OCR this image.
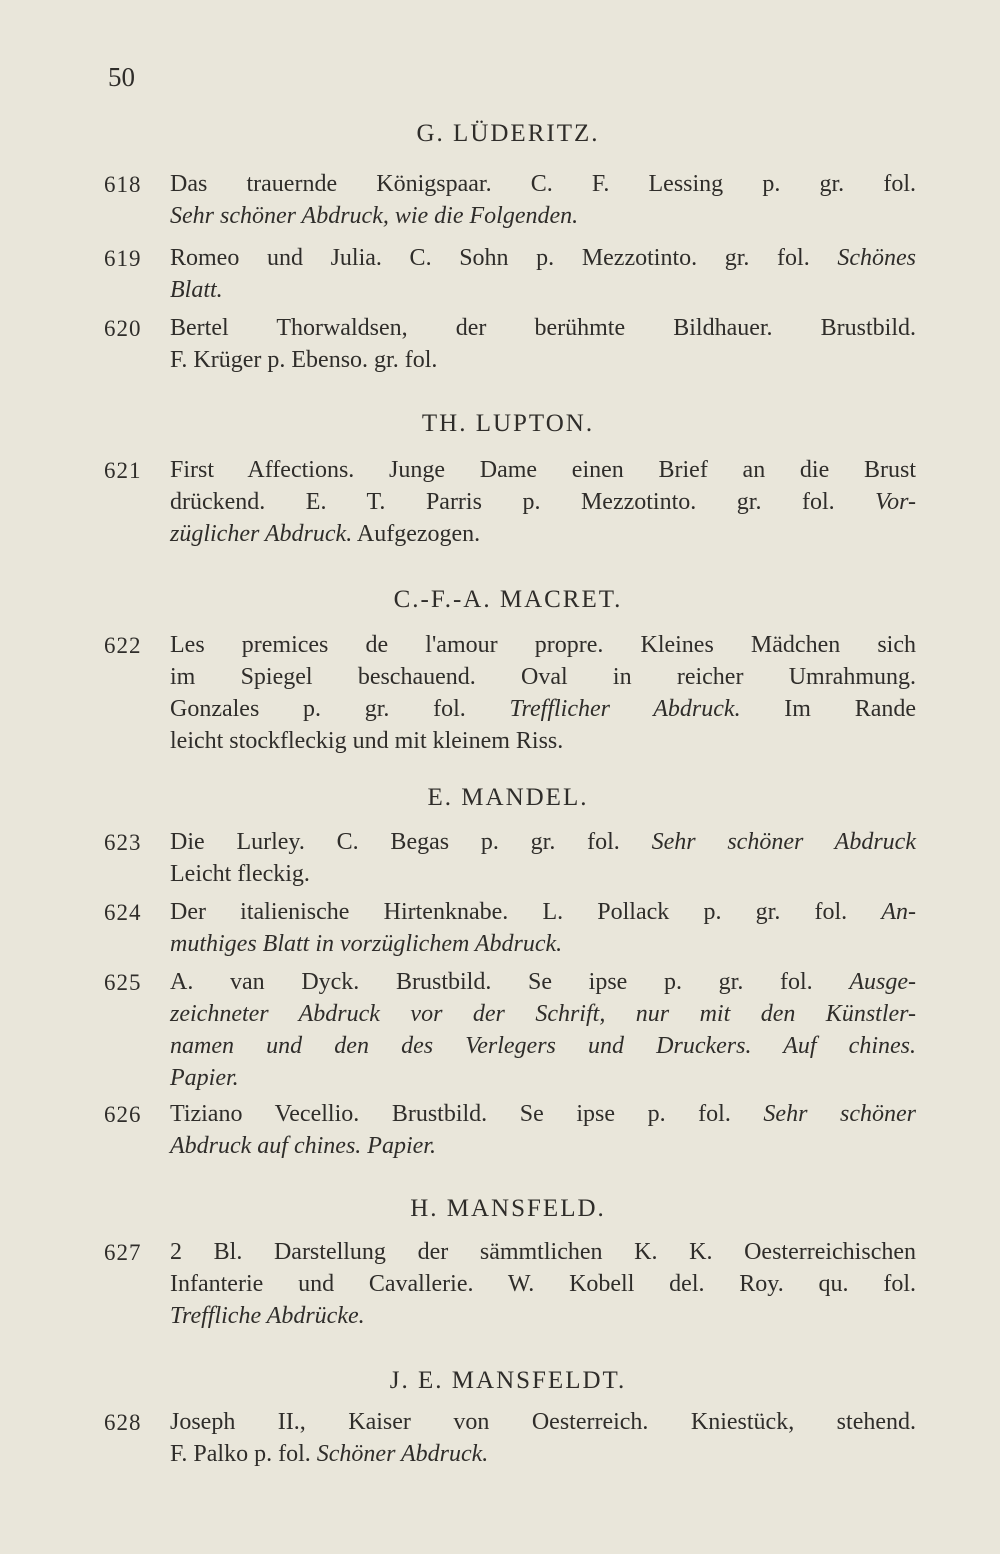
50
G. LÜDERITZ.
618 Das trauernde Königspaar. C. F. Lessing p. gr. fol.
Sehr schöner Abdruck, wie die Folgenden.
619 Romeo und Julia. C. Sohn p. Mezzotinto. gr. fol. Schönes
Blatt.
620 Bertel Thorwaldsen, der berühmte Bildhauer. Brustbild.
F. Krüger p. Ebenso. gr. fol.
TH. LUPTON.
621 First Affections. Junge Dame einen Brief an die Brust
drückend. E. T. Parris p. Mezzotinto. gr. fol. Vor-
züglicher Abdruck. Aufgezogen.
C.-F.-A. MACRET.
622 Les premices de l'amour propre. Kleines Mädchen sich
im Spiegel beschauend. Oval in reicher Umrahmung.
Gonzales p. gr. fol. Trefflicher Abdruck. Im Rande
leicht stockfleckig und mit kleinem Riss.
E. MANDEL.
623 Die Lurley. C. Begas p. gr. fol. Sehr schöner Abdruck
Leicht fleckig.
624 Der italienische Hirtenknabe. L. Pollack p. gr. fol. An-
muthiges Blatt in vorzüglichem Abdruck.
625 A. van Dyck. Brustbild. Se ipse p. gr. fol. Ausge-
zeichneter Abdruck vor der Schrift, nur mit den Künstler-
namen und den des Verlegers und Druckers. Auf chines.
Papier.
626 Tiziano Vecellio. Brustbild. Se ipse p. fol. Sehr schöner
Abdruck auf chines. Papier.
H. MANSFELD.
627 2 Bl. Darstellung der sämmtlichen K. K. Oesterreichischen
Infanterie und Cavallerie. W. Kobell del. Roy. qu. fol.
Treffliche Abdrücke.
J. E. MANSFELDT.
628 Joseph II., Kaiser von Oesterreich. Kniestück, stehend.
F. Palko p. fol. Schöner Abdruck.
